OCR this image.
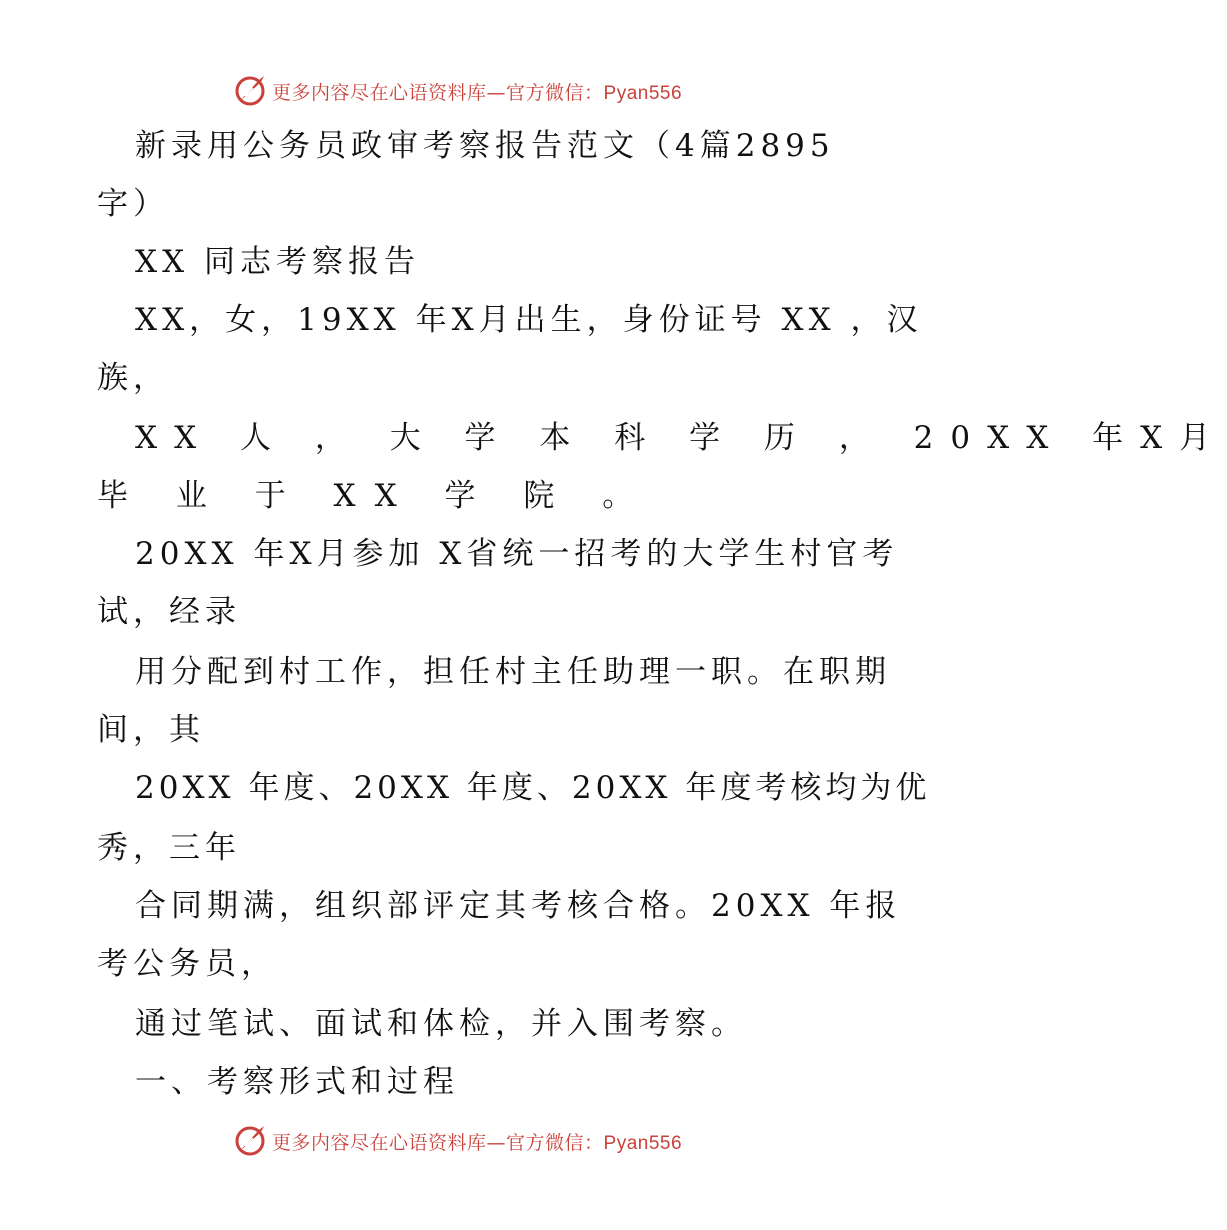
更多内容尽在心语资料库—官方微信：Pyan556
新录用公务员政审考察报告范文（4篇2895
字）
XX 同志考察报告
XX，女，19XX 年X月出生，身份证号 XX ，汉
族，
XX 人 ， 大 学 本 科 学 历 ， 20XX 年X月
毕 业 于 XX 学 院 。
20XX 年X月参加 X省统一招考的大学生村官考
试，经录
用分配到村工作，担任村主任助理一职。在职期
间，其
20XX 年度、20XX 年度、20XX 年度考核均为优
秀，三年
合同期满，组织部评定其考核合格。20XX 年报
考公务员，
通过笔试、面试和体检，并入围考察。
一、考察形式和过程
更多内容尽在心语资料库—官方微信：Pyan556
